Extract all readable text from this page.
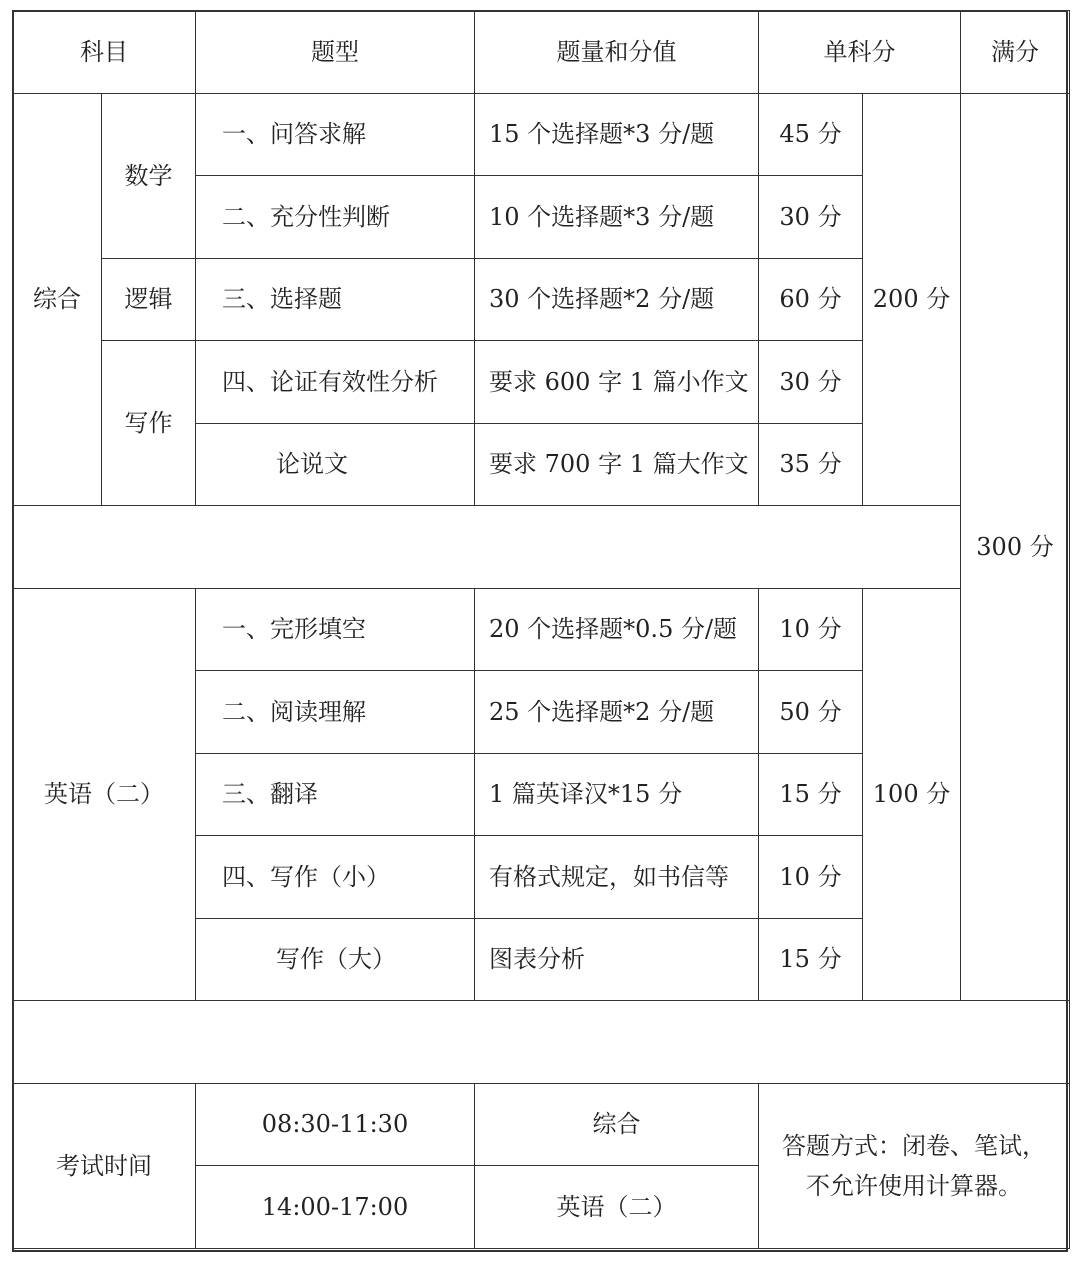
科目		题型	题量和分值	单科分		满分
综合	数学	一、问答求解	15 个选择题*3 分/题	45 分	200 分	300 分
		二、充分性判断	10 个选择题*3 分/题	30 分		
	逻辑	三、选择题	30 个选择题*2 分/题	60 分		
	写作	四、论证有效性分析	要求 600 字 1 篇小作文	30 分		
		论说文	要求 700 字 1 篇大作文	35 分		

英语（二）		一、完形填空	20 个选择题*0.5 分/题	10 分	100 分	
		二、阅读理解	25 个选择题*2 分/题	50 分		
		三、翻译	1 篇英译汉*15 分	15 分		
		四、写作（小）	有格式规定，如书信等	10 分		
		写作（大）	图表分析	15 分		

考试时间		08:30-11:30	综合	答题方式：闭卷、笔试，不允许使用计算器。		
		14:00-17:00	英语（二）			
